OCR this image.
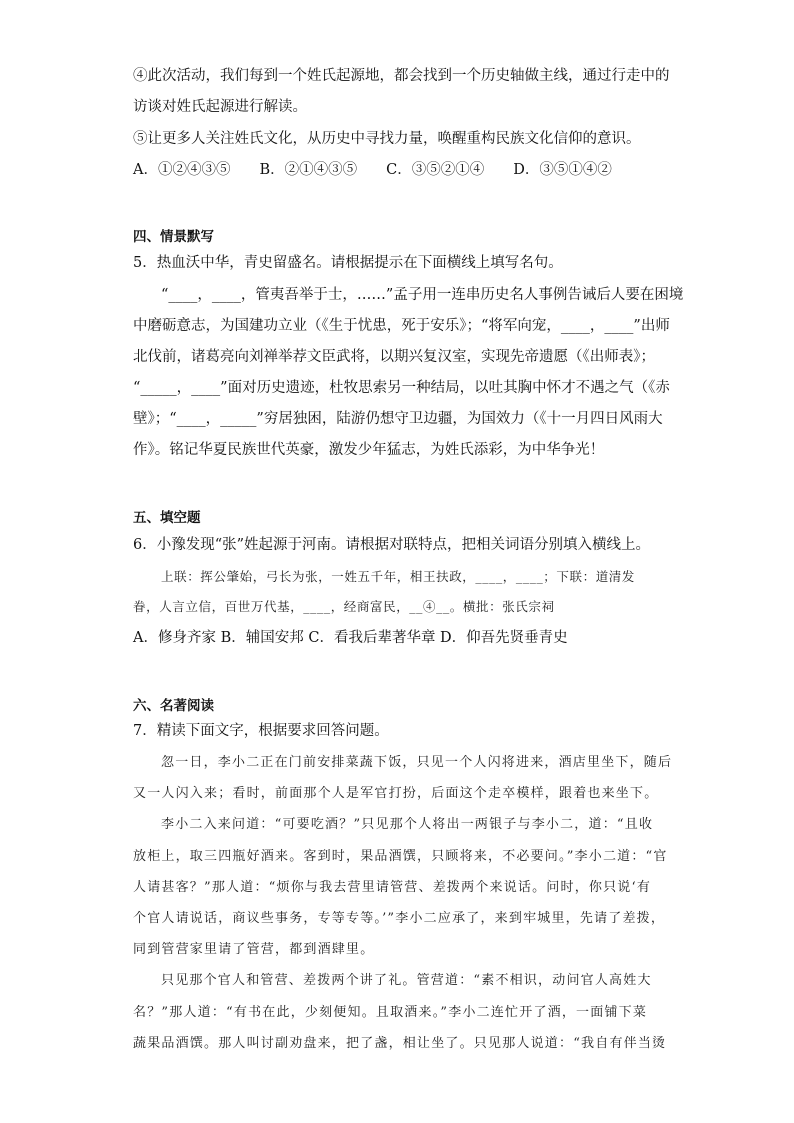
④此次活动，我们每到一个姓氏起源地，都会找到一个历史轴做主线，通过行走中的
访谈对姓氏起源进行解读。
⑤让更多人关注姓氏文化，从历史中寻找力量，唤醒重构民族文化信仰的意识。
A．①②④③⑤　　B．②①④③⑤　　C．③⑤②①④　　D．③⑤①④②
四、情景默写
5．热血沃中华，青史留盛名。请根据提示在下面横线上填写名句。
“____，____，管夷吾举于士，……”孟子用一连串历史名人事例告诫后人要在困境
中磨砺意志，为国建功立业（《生于忧患，死于安乐》；“将军向宠，____，____”出师
北伐前，诸葛亮向刘禅举荐文臣武将，以期兴复汉室，实现先帝遗愿（《出师表》；
“_____，____”面对历史遗迹，杜牧思索另一种结局，以吐其胸中怀才不遇之气（《赤
壁》；“____，_____”穷居独困，陆游仍想守卫边疆，为国效力（《十一月四日风雨大
作》。铭记华夏民族世代英豪，激发少年猛志，为姓氏添彩，为中华争光！
五、填空题
6．小豫发现“张”姓起源于河南。请根据对联特点，把相关词语分别填入横线上。
上联：挥公肇始，弓长为张，一姓五千年，相王扶政，____，____；下联：道清发
眷，人言立信，百世万代基，____，经商富民，__④__。横批：张氏宗祠
A．修身齐家 B．辅国安邦 C．看我后辈著华章 D．仰吾先贤垂青史
六、名著阅读
7．精读下面文字，根据要求回答问题。
忽一日，李小二正在门前安排菜蔬下饭，只见一个人闪将进来，酒店里坐下，随后
又一人闪入来；看时，前面那个人是军官打扮，后面这个走卒模样，跟着也来坐下。
李小二入来问道：“可要吃酒？”只见那个人将出一两银子与李小二，道：“且收
放柜上，取三四瓶好酒来。客到时，果品酒馔，只顾将来，不必要问。”李小二道：“官
人请甚客？”那人道：“烦你与我去营里请管营、差拨两个来说话。问时，你只说‘有
个官人请说话，商议些事务，专等专等。’”李小二应承了，来到牢城里，先请了差拨，
同到管营家里请了管营，都到酒肆里。
只见那个官人和管营、差拨两个讲了礼。管营道：“素不相识，动问官人高姓大
名？”那人道：“有书在此，少刻便知。且取酒来。”李小二连忙开了酒，一面铺下菜
蔬果品酒馔。那人叫讨副劝盘来，把了盏，相让坐了。只见那人说道：“我自有伴当烫
